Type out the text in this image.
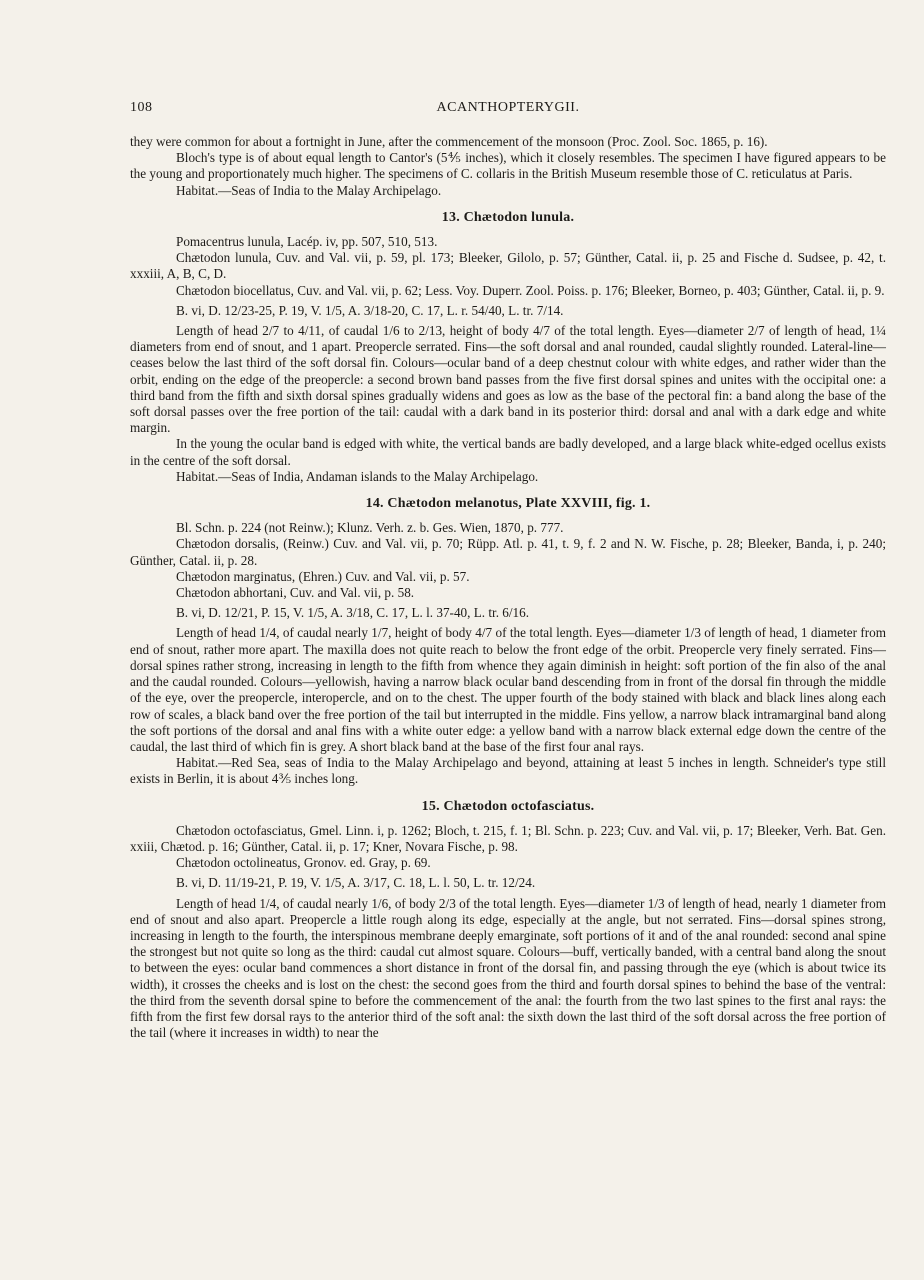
108	ACANTHOPTERYGII.

they were common for about a fortnight in June, after the commencement of the monsoon (Proc. Zool. Soc. 1865, p. 16).

Bloch's type is of about equal length to Cantor's (5⅘ inches), which it closely resembles. The specimen I have figured appears to be the young and proportionately much higher. The specimens of C. collaris in the British Museum resemble those of C. reticulatus at Paris.

Habitat.—Seas of India to the Malay Archipelago.

13. Chætodon lunula.

Pomacentrus lunula, Lacép. iv, pp. 507, 510, 513.

Chætodon lunula, Cuv. and Val. vii, p. 59, pl. 173; Bleeker, Gilolo, p. 57; Günther, Catal. ii, p. 25 and Fische d. Sudsee, p. 42, t. xxxiii, A, B, C, D.

Chætodon biocellatus, Cuv. and Val. vii, p. 62; Less. Voy. Duperr. Zool. Poiss. p. 176; Bleeker, Borneo, p. 403; Günther, Catal. ii, p. 9.

B. vi, D. 12/23-25, P. 19, V. 1/5, A. 3/18-20, C. 17, L. r. 54/40, L. tr. 7/14.

Length of head 2/7 to 4/11, of caudal 1/6 to 2/13, height of body 4/7 of the total length. Eyes—diameter 2/7 of length of head, 1¼ diameters from end of snout, and 1 apart. Preopercle serrated. Fins—the soft dorsal and anal rounded, caudal slightly rounded. Lateral-line—ceases below the last third of the soft dorsal fin. Colours—ocular band of a deep chestnut colour with white edges, and rather wider than the orbit, ending on the edge of the preopercle: a second brown band passes from the five first dorsal spines and unites with the occipital one: a third band from the fifth and sixth dorsal spines gradually widens and goes as low as the base of the pectoral fin: a band along the base of the soft dorsal passes over the free portion of the tail: caudal with a dark band in its posterior third: dorsal and anal with a dark edge and white margin.

In the young the ocular band is edged with white, the vertical bands are badly developed, and a large black white-edged ocellus exists in the centre of the soft dorsal.

Habitat.—Seas of India, Andaman islands to the Malay Archipelago.

14. Chætodon melanotus, Plate XXVIII, fig. 1.

Bl. Schn. p. 224 (not Reinw.); Klunz. Verh. z. b. Ges. Wien, 1870, p. 777.

Chætodon dorsalis, (Reinw.) Cuv. and Val. vii, p. 70; Rüpp. Atl. p. 41, t. 9, f. 2 and N. W. Fische, p. 28; Bleeker, Banda, i, p. 240; Günther, Catal. ii, p. 28.

Chætodon marginatus, (Ehren.) Cuv. and Val. vii, p. 57.

Chætodon abhortani, Cuv. and Val. vii, p. 58.

B. vi, D. 12/21, P. 15, V. 1/5, A. 3/18, C. 17, L. l. 37-40, L. tr. 6/16.

Length of head 1/4, of caudal nearly 1/7, height of body 4/7 of the total length. Eyes—diameter 1/3 of length of head, 1 diameter from end of snout, rather more apart. The maxilla does not quite reach to below the front edge of the orbit. Preopercle very finely serrated. Fins—dorsal spines rather strong, increasing in length to the fifth from whence they again diminish in height: soft portion of the fin also of the anal and the caudal rounded. Colours—yellowish, having a narrow black ocular band descending from in front of the dorsal fin through the middle of the eye, over the preopercle, interopercle, and on to the chest. The upper fourth of the body stained with black and black lines along each row of scales, a black band over the free portion of the tail but interrupted in the middle. Fins yellow, a narrow black intramarginal band along the soft portions of the dorsal and anal fins with a white outer edge: a yellow band with a narrow black external edge down the centre of the caudal, the last third of which fin is grey. A short black band at the base of the first four anal rays.

Habitat.—Red Sea, seas of India to the Malay Archipelago and beyond, attaining at least 5 inches in length. Schneider's type still exists in Berlin, it is about 4⅗ inches long.

15. Chætodon octofasciatus.

Chætodon octofasciatus, Gmel. Linn. i, p. 1262; Bloch, t. 215, f. 1; Bl. Schn. p. 223; Cuv. and Val. vii, p. 17; Bleeker, Verh. Bat. Gen. xxiii, Chætod. p. 16; Günther, Catal. ii, p. 17; Kner, Novara Fische, p. 98.

Chætodon octolineatus, Gronov. ed. Gray, p. 69.

B. vi, D. 11/19-21, P. 19, V. 1/5, A. 3/17, C. 18, L. l. 50, L. tr. 12/24.

Length of head 1/4, of caudal nearly 1/6, of body 2/3 of the total length. Eyes—diameter 1/3 of length of head, nearly 1 diameter from end of snout and also apart. Preopercle a little rough along its edge, especially at the angle, but not serrated. Fins—dorsal spines strong, increasing in length to the fourth, the interspinous membrane deeply emarginate, soft portions of it and of the anal rounded: second anal spine the strongest but not quite so long as the third: caudal cut almost square. Colours—buff, vertically banded, with a central band along the snout to between the eyes: ocular band commences a short distance in front of the dorsal fin, and passing through the eye (which is about twice its width), it crosses the cheeks and is lost on the chest: the second goes from the third and fourth dorsal spines to behind the base of the ventral: the third from the seventh dorsal spine to before the commencement of the anal: the fourth from the two last spines to the first anal rays: the fifth from the first few dorsal rays to the anterior third of the soft anal: the sixth down the last third of the soft dorsal across the free portion of the tail (where it increases in width) to near the
